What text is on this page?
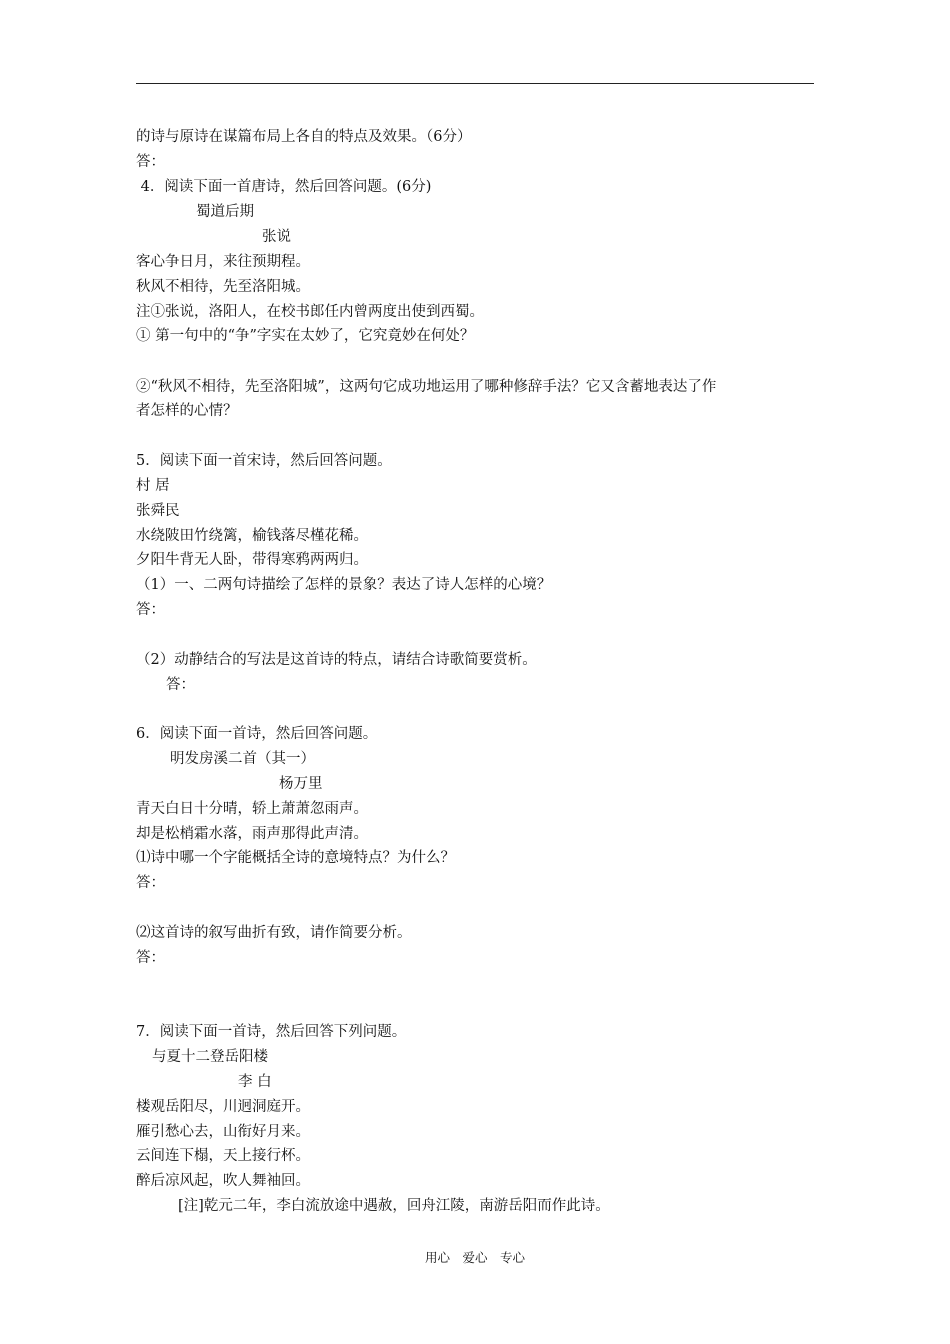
的诗与原诗在谋篇布局上各自的特点及效果。（6分）
答：
4．阅读下面一首唐诗，然后回答问题。(6分)
蜀道后期
张说
客心争日月，来往预期程。
秋风不相待，先至洛阳城。
注①张说，洛阳人，在校书郎任内曾两度出使到西蜀。
① 第一句中的“争”字实在太妙了，它究竟妙在何处？
②“秋风不相待，先至洛阳城”，这两句它成功地运用了哪种修辞手法？它又含蓄地表达了作
者怎样的心情？
5．阅读下面一首宋诗，然后回答问题。
村 居
张舜民
水绕陂田竹绕篱，榆钱落尽槿花稀。
夕阳牛背无人卧，带得寒鸦两两归。
（1）一、二两句诗描绘了怎样的景象？表达了诗人怎样的心境？
答：
（2）动静结合的写法是这首诗的特点，请结合诗歌简要赏析。
答：
6．阅读下面一首诗，然后回答问题。
明发房溪二首（其一）
杨万里
青天白日十分晴，轿上萧萧忽雨声。
却是松梢霜水落，雨声那得此声清。
⑴诗中哪一个字能概括全诗的意境特点？为什么？
答：
⑵这首诗的叙写曲折有致，请作简要分析。
答：
7．阅读下面一首诗，然后回答下列问题。
与夏十二登岳阳楼
李 白
楼观岳阳尽，川迥洞庭开。
雁引愁心去，山衔好月来。
云间连下榻，天上接行杯。
醉后凉风起，吹人舞袖回。
[注]乾元二年，李白流放途中遇赦，回舟江陵，南游岳阳而作此诗。
用心　爱心　专心
